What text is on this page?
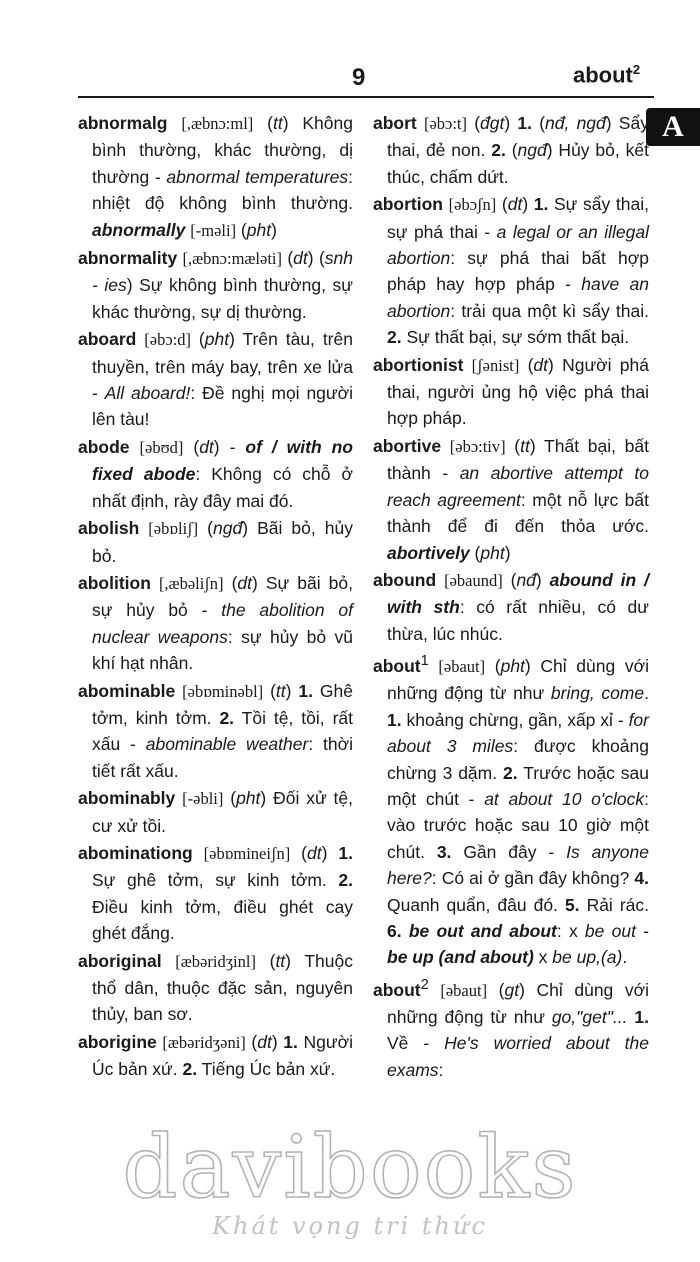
9	about$^2$
A

abnormalg [,æbnɔ:ml] (tt) Không bình thường, khác thường, dị thường - abnormal temperatures: nhiệt độ không bình thường. abnormally [-məli] (pht)

abnormality [,æbnɔ:mæləti] (dt) (snh - ies) Sự không bình thường, sự khác thường, sự dị thường.

aboard [əbɔ:d] (pht) Trên tàu, trên thuyền, trên máy bay, trên xe lửa - All aboard!: Đề nghị mọi người lên tàu!

abode [əbʊd] (dt) - of / with no fixed abode: Không có chỗ ở nhất định, rày đây mai đó.

abolish [əbɒliʃ] (ngđ) Bãi bỏ, hủy bỏ.

abolition [,æbəliʃn] (dt) Sự bãi bỏ, sự hủy bỏ - the abolition of nuclear weapons: sự hủy bỏ vũ khí hạt nhân.

abominable [əbɒminəbl] (tt) 1. Ghê tởm, kinh tởm. 2. Tồi tệ, tồi, rất xấu - abominable weather: thời tiết rất xấu.

abominably [-əbli] (pht) Đối xử tệ, cư xử tồi.

abominationg [əbɒmineiʃn] (dt) 1. Sự ghê tởm, sự kinh tởm. 2. Điều kinh tởm, điều ghét cay ghét đắng.

aboriginal [æbəridʒinl] (tt) Thuộc thổ dân, thuộc đặc sản, nguyên thủy, ban sơ.

aborigine [æbəridʒəni] (dt) 1. Người Úc bản xứ. 2. Tiếng Úc bản xứ.

abort [əbɔ:t] (đgt) 1. (nđ, ngđ) Sẩy thai, đẻ non. 2. (ngđ) Hủy bỏ, kết thúc, chấm dứt.

abortion [əbɔʃn] (dt) 1. Sự sẩy thai, sự phá thai - a legal or an illegal abortion: sự phá thai bất hợp pháp hay hợp pháp - have an abortion: trải qua một kì sẩy thai. 2. Sự thất bại, sự sớm thất bại.

abortionist [ʃənist] (dt) Người phá thai, người ủng hộ việc phá thai hợp pháp.

abortive [əbɔ:tiv] (tt) Thất bại, bất thành - an abortive attempt to reach agreement: một nỗ lực bất thành để đi đến thỏa ước. abortively (pht)

abound [əbaund] (nđ) abound in / with sth: có rất nhiều, có dư thừa, lúc nhúc.

about$^1$ [əbaut] (pht) Chỉ dùng với những động từ như bring, come. 1. khoảng chừng, gần, xấp xỉ - for about 3 miles: được khoảng chừng 3 dặm. 2. Trước hoặc sau một chút - at about 10 o'clock: vào trước hoặc sau 10 giờ một chút. 3. Gần đây - Is anyone here?: Có ai ở gần đây không? 4. Quanh quẩn, đâu đó. 5. Rải rác. 6. be out and about: x be out - be up (and about) x be up,(a).

about$^2$ [əbaut] (gt) Chỉ dùng với những động từ như go,"get"... 1. Về - He's worried about the exams:

davibooks
Khát vọng tri thức
